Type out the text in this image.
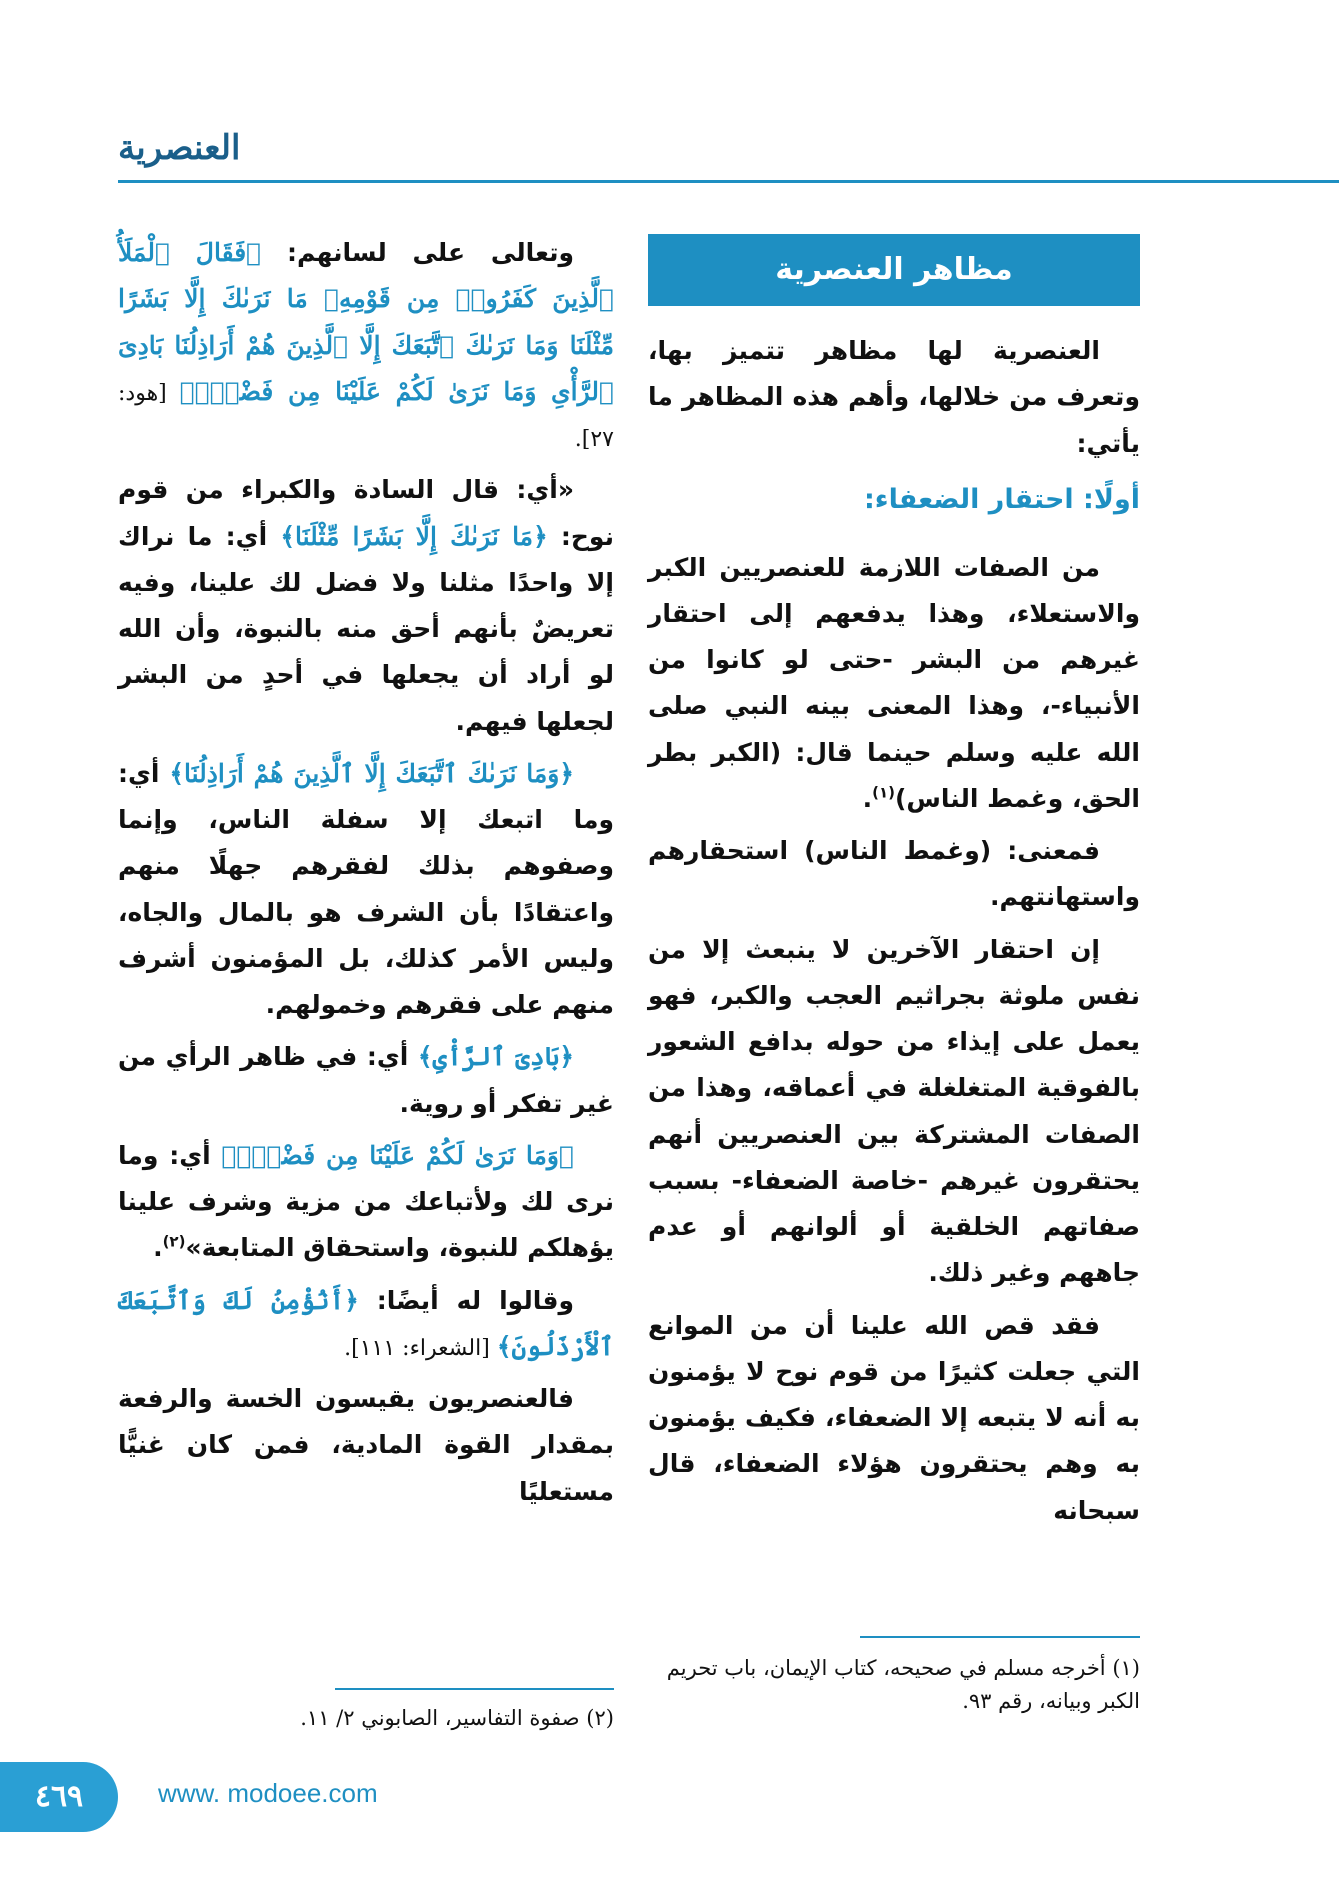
العنصرية
مظاهر العنصرية

العنصرية لها مظاهر تتميز بها، وتعرف من خلالها، وأهم هذه المظاهر ما يأتي:

أولًا: احتقار الضعفاء:

من الصفات اللازمة للعنصريين الكبر والاستعلاء، وهذا يدفعهم إلى احتقار غيرهم من البشر -حتى لو كانوا من الأنبياء-، وهذا المعنى بينه النبي صلى الله عليه وسلم حينما قال: (الكبر بطر الحق، وغمط الناس)$^{(١)}$.

فمعنى: (وغمط الناس) استحقارهم واستهانتهم.

إن احتقار الآخرين لا ينبعث إلا من نفس ملوثة بجراثيم العجب والكبر، فهو يعمل على إيذاء من حوله بدافع الشعور بالفوقية المتغلغلة في أعماقه، وهذا من الصفات المشتركة بين العنصريين أنهم يحتقرون غيرهم -خاصة الضعفاء- بسبب صفاتهم الخلقية أو ألوانهم أو عدم جاههم وغير ذلك.

فقد قص الله علينا أن من الموانع التي جعلت كثيرًا من قوم نوح لا يؤمنون به أنه لا يتبعه إلا الضعفاء، فكيف يؤمنون به وهم يحتقرون هؤلاء الضعفاء، قال سبحانه

(١) أخرجه مسلم في صحيحه، كتاب الإيمان، باب تحريم الكبر وبيانه، رقم ٩٣.

وتعالى على لسانهم: ﴿فَقَالَ ٱلْمَلَأُ ٱلَّذِينَ كَفَرُوا۟ مِن قَوْمِهِۦ مَا نَرَىٰكَ إِلَّا بَشَرًا مِّثْلَنَا وَمَا نَرَىٰكَ ٱتَّبَعَكَ إِلَّا ٱلَّذِينَ هُمْ أَرَاذِلُنَا بَادِىَ ٱلرَّأْىِ وَمَا نَرَىٰ لَكُمْ عَلَيْنَا مِن فَضْلٍۭ﴾ [هود: ٢٧].

«أي: قال السادة والكبراء من قوم نوح: ﴿مَا نَرَىٰكَ إِلَّا بَشَرًا مِّثْلَنَا﴾ أي: ما نراك إلا واحدًا مثلنا ولا فضل لك علينا، وفيه تعريضٌ بأنهم أحق منه بالنبوة، وأن الله لو أراد أن يجعلها في أحدٍ من البشر لجعلها فيهم.

﴿وَمَا نَرَىٰكَ ٱتَّبَعَكَ إِلَّا ٱلَّذِينَ هُمْ أَرَاذِلُنَا﴾ أي: وما اتبعك إلا سفلة الناس، وإنما وصفوهم بذلك لفقرهم جهلًا منهم واعتقادًا بأن الشرف هو بالمال والجاه، وليس الأمر كذلك، بل المؤمنون أشرف منهم على فقرهم وخمولهم.

﴿بَادِىَ ٱلرَّأْىِ﴾ أي: في ظاهر الرأي من غير تفكر أو روية.

﴿وَمَا نَرَىٰ لَكُمْ عَلَيْنَا مِن فَضْلٍۭ﴾ أي: وما نرى لك ولأتباعك من مزية وشرف علينا يؤهلكم للنبوة، واستحقاق المتابعة»$^{(٢)}$.

وقالوا له أيضًا: ﴿أَنُؤْمِنُ لَكَ وَٱتَّبَعَكَ ٱلْأَرْذَلُونَ﴾ [الشعراء: ١١١].

فالعنصريون يقيسون الخسة والرفعة بمقدار القوة المادية، فمن كان غنيًّا مستعليًا

(٢) صفوة التفاسير، الصابوني ٢/ ١١.
٤٦٩	www. modoee.com
